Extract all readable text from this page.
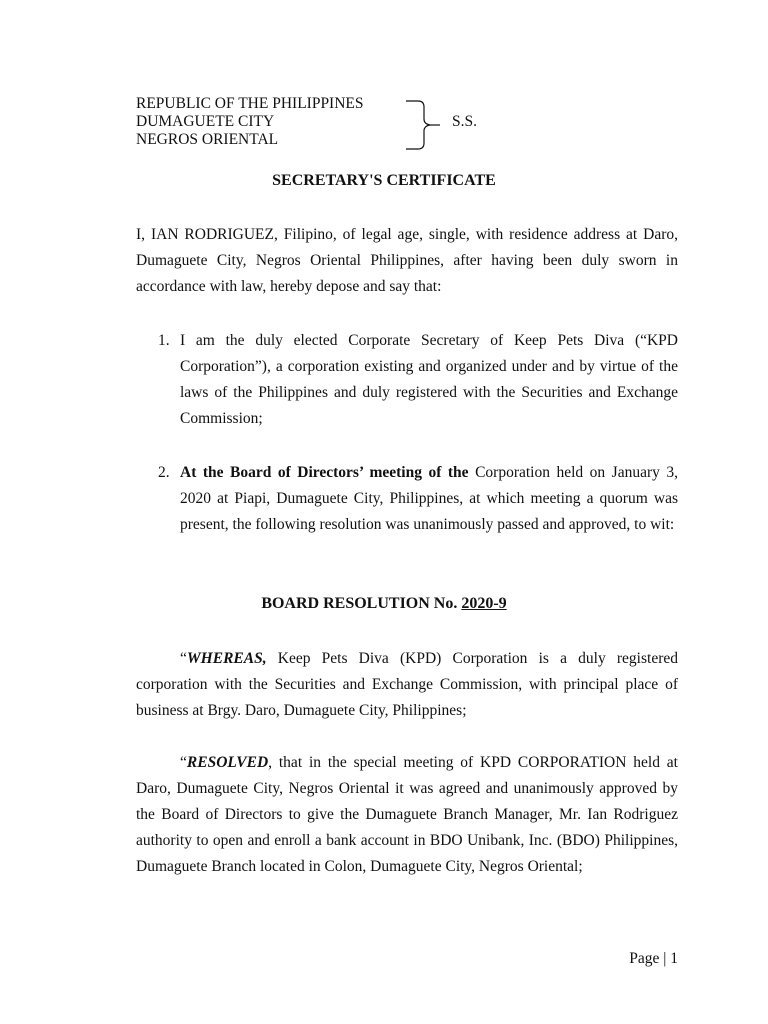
REPUBLIC OF THE PHILIPPINES
DUMAGUETE CITY
NEGROS ORIENTAL
S.S.
SECRETARY'S CERTIFICATE
I, IAN RODRIGUEZ, Filipino, of legal age, single, with residence address at Daro, Dumaguete City, Negros Oriental Philippines, after having been duly sworn in accordance with law, hereby depose and say that:
1. I am the duly elected Corporate Secretary of Keep Pets Diva (“KPD Corporation”), a corporation existing and organized under and by virtue of the laws of the Philippines and duly registered with the Securities and Exchange Commission;
2. At the Board of Directors’ meeting of the Corporation held on January 3, 2020 at Piapi, Dumaguete City, Philippines, at which meeting a quorum was present, the following resolution was unanimously passed and approved, to wit:
BOARD RESOLUTION No. 2020-9
“WHEREAS, Keep Pets Diva (KPD) Corporation is a duly registered corporation with the Securities and Exchange Commission, with principal place of business at Brgy. Daro, Dumaguete City, Philippines;
“RESOLVED, that in the special meeting of KPD CORPORATION held at Daro, Dumaguete City, Negros Oriental it was agreed and unanimously approved by the Board of Directors to give the Dumaguete Branch Manager, Mr. Ian Rodriguez authority to open and enroll a bank account in BDO Unibank, Inc. (BDO) Philippines, Dumaguete Branch located in Colon, Dumaguete City, Negros Oriental;
Page | 1
